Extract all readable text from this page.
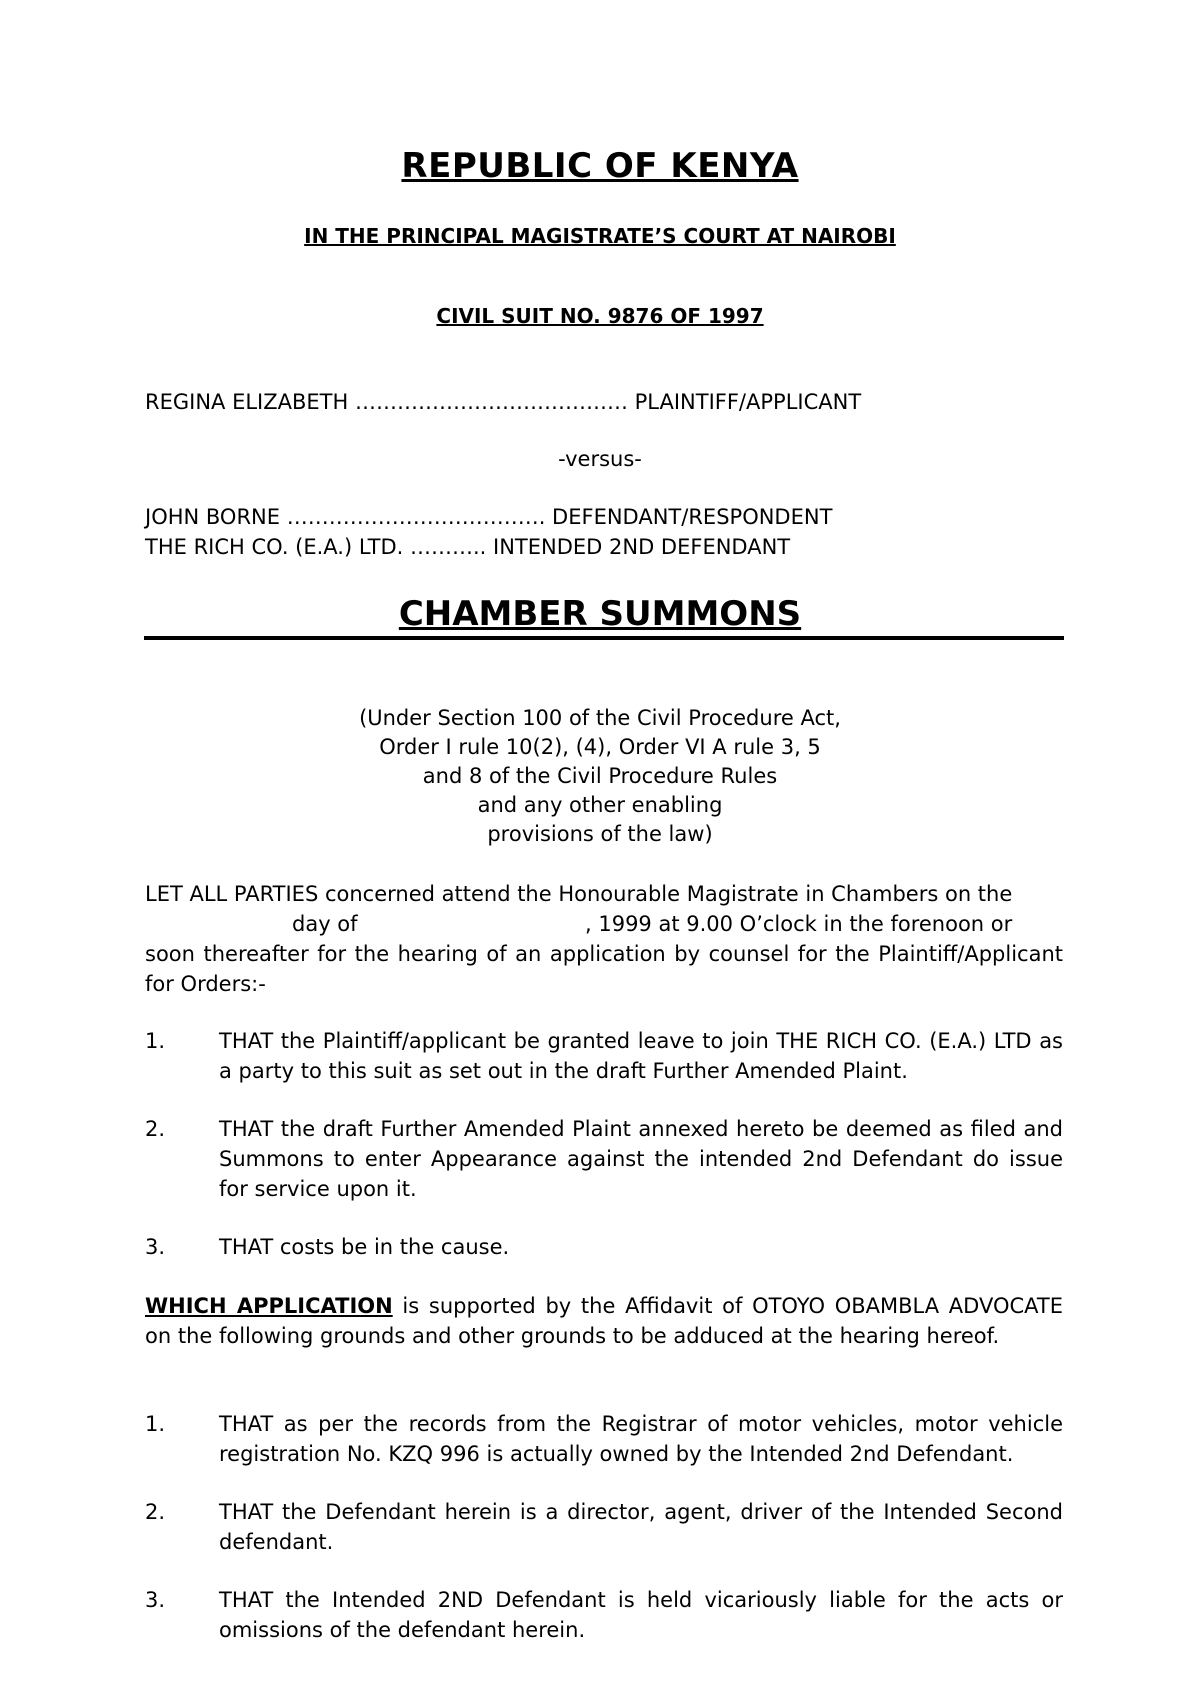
REPUBLIC OF KENYA
IN THE PRINCIPAL MAGISTRATE’S COURT AT NAIROBI
CIVIL SUIT NO. 9876 OF 1997
REGINA ELIZABETH ………………………………… PLAINTIFF/APPLICANT
-versus-
JOHN BORNE ………………………………. DEFENDANT/RESPONDENT
THE RICH CO. (E.A.) LTD. ……….. INTENDED 2ND DEFENDANT
CHAMBER SUMMONS
(Under Section 100 of the Civil Procedure Act,
Order I rule 10(2), (4), Order VI A rule 3, 5
and 8 of the Civil Procedure Rules
and any other enabling
provisions of the law)
LET ALL PARTIES concerned attend the Honourable Magistrate in Chambers on the
day of	, 1999 at 9.00 O’clock in the forenoon or
soon thereafter for the hearing of an application by counsel for the Plaintiff/Applicant for Orders:-
1.	THAT the Plaintiff/applicant be granted leave to join THE RICH CO. (E.A.) LTD as a party to this suit as set out in the draft Further Amended Plaint.
2.	THAT the draft Further Amended Plaint annexed hereto be deemed as filed and Summons to enter Appearance against the intended 2nd Defendant do issue for service upon it.
3.	THAT costs be in the cause.
WHICH APPLICATION is supported by the Affidavit of OTOYO OBAMBLA ADVOCATE on the following grounds and other grounds to be adduced at the hearing hereof.
1.	THAT as per the records from the Registrar of motor vehicles, motor vehicle registration No. KZQ 996 is actually owned by the Intended 2nd Defendant.
2.	THAT the Defendant herein is a director, agent, driver of the Intended Second defendant.
3.	THAT the Intended 2ND Defendant is held vicariously liable for the acts or omissions of the defendant herein.
